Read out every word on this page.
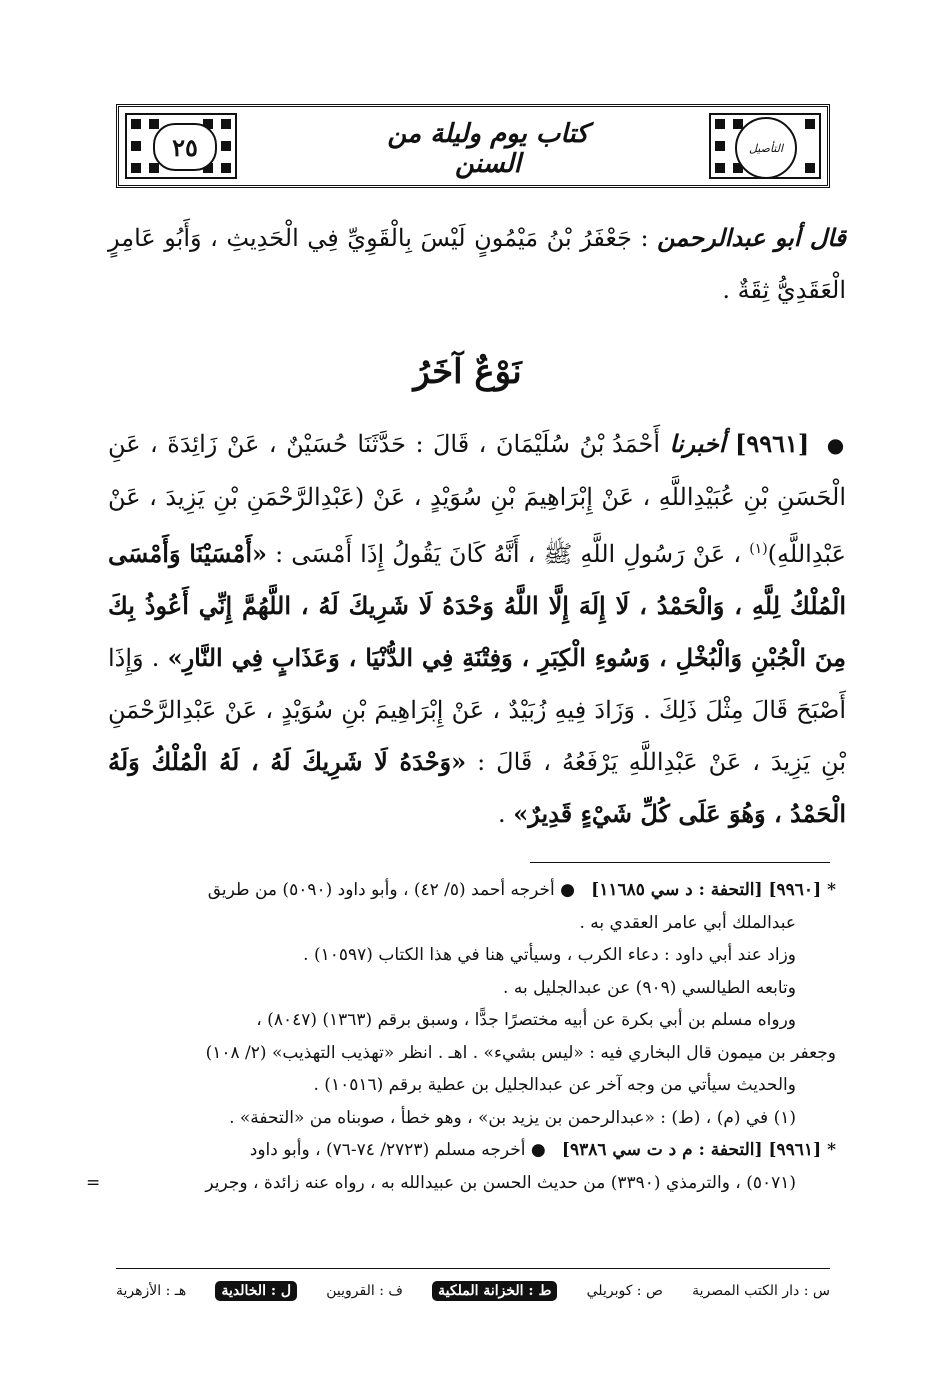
٢٥	كتاب يوم وليلة من السنن
التأصيل
قال أبو عبدالرحمن : جَعْفَرُ بْنُ مَيْمُونٍ لَيْسَ بِالْقَوِيِّ فِي الْحَدِيثِ ، وَأَبُو عَامِرٍ الْعَقَدِيُّ ثِقَةٌ .
نَوْعٌ آخَرُ
● [٩٩٦١] أخبرنا أَحْمَدُ بْنُ سُلَيْمَانَ ، قَالَ : حَدَّثَنَا حُسَيْنٌ ، عَنْ زَائِدَةَ ، عَنِ الْحَسَنِ بْنِ عُبَيْدِاللَّهِ ، عَنْ إِبْرَاهِيمَ بْنِ سُوَيْدٍ ، عَنْ (عَبْدِالرَّحْمَنِ بْنِ يَزِيدَ ، عَنْ عَبْدِاللَّهِ)$^{(١)}$ ، عَنْ رَسُولِ اللَّهِ ﷺ ، أَنَّهُ كَانَ يَقُولُ إِذَا أَمْسَى : «أَمْسَيْنَا وَأَمْسَى الْمُلْكُ لِلَّهِ ، وَالْحَمْدُ ، لَا إِلَهَ إِلَّا اللَّهُ وَحْدَهُ لَا شَرِيكَ لَهُ ، اللَّهُمَّ إِنِّي أَعُوذُ بِكَ مِنَ الْجُبْنِ وَالْبُخْلِ ، وَسُوءِ الْكِبَرِ ، وَفِتْنَةِ فِي الدُّنْيَا ، وَعَذَابٍ فِي النَّارِ» . وَإِذَا أَصْبَحَ قَالَ مِثْلَ ذَلِكَ . وَزَادَ فِيهِ زُبَيْدٌ ، عَنْ إِبْرَاهِيمَ بْنِ سُوَيْدٍ ، عَنْ عَبْدِالرَّحْمَنِ بْنِ يَزِيدَ ، عَنْ عَبْدِاللَّهِ يَرْفَعُهُ ، قَالَ : «وَحْدَهُ لَا شَرِيكَ لَهُ ، لَهُ الْمُلْكُ وَلَهُ الْحَمْدُ ، وَهُوَ عَلَى كُلِّ شَيْءٍ قَدِيرٌ» .
*[٩٩٦٠] [التحفة : د سي ١١٦٨٥]   ● أخرجه أحمد (٥/ ٤٢) ، وأبو داود (٥٠٩٠) من طريق
عبدالملك أبي عامر العقدي به .
وزاد عند أبي داود : دعاء الكرب ، وسيأتي هنا في هذا الكتاب (١٠٥٩٧) .
وتابعه الطيالسي (٩٠٩) عن عبدالجليل به .
ورواه مسلم بن أبي بكرة عن أبيه مختصرًا جدًّا ، وسبق برقم (١٣٦٣) (٨٠٤٧) ،
وجعفر بن ميمون قال البخاري فيه : «ليس بشيء» . اهـ . انظر «تهذيب التهذيب» (٢/ ١٠٨)
والحديث سيأتي من وجه آخر عن عبدالجليل بن عطية برقم (١٠٥١٦) .
(١) في (م) ، (ط) : «عبدالرحمن بن يزيد بن» ، وهو خطأ ، صوبناه من «التحفة» .
*[٩٩٦١] [التحفة : م د ت سي ٩٣٨٦]   ● أخرجه مسلم (٢٧٢٣/ ٧٤-٧٦) ، وأبو داود
(٥٠٧١) ، والترمذي (٣٣٩٠) من حديث الحسن بن عبيدالله به ، رواه عنه زائدة ، وجرير
=
س : دار الكتب المصرية
ص : كوبريلي
ط : الخزانة الملكية
ف : القرويين
ل : الخالدية
هـ : الأزهرية
